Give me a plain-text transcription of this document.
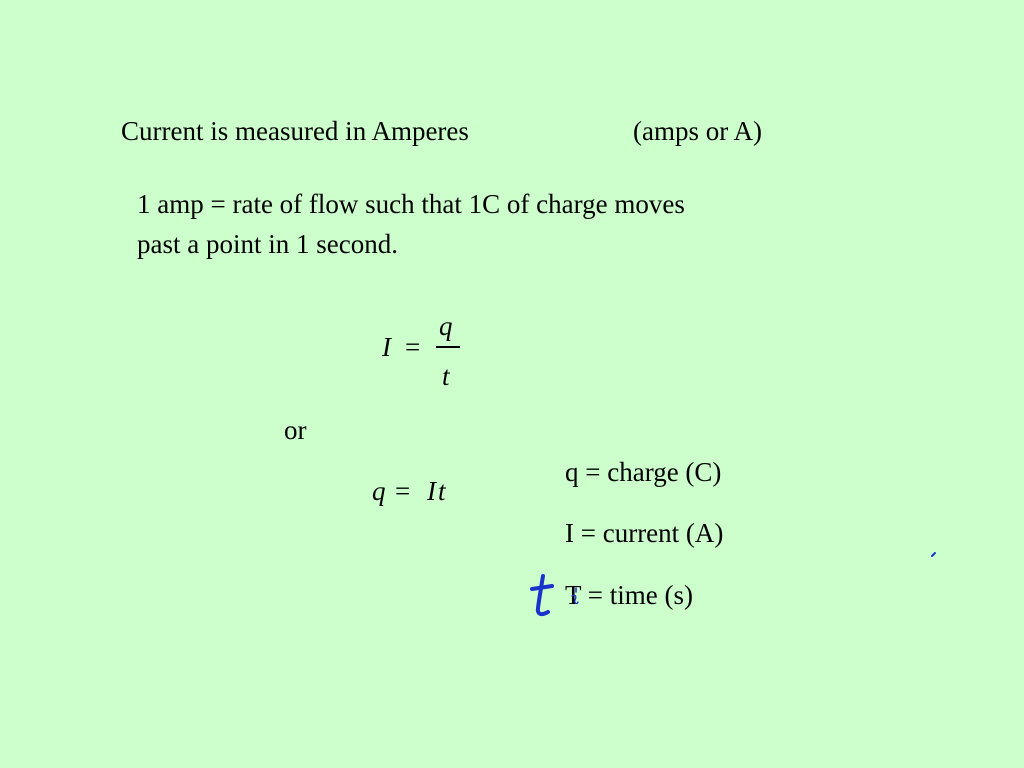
Current is measured in Amperes	(amps or A)
1 amp = rate of flow such that 1C of charge moves
past a point in 1 second.
I =
q
t
or
q = I t
q = charge (C)
I = current (A)
T = time (s)
